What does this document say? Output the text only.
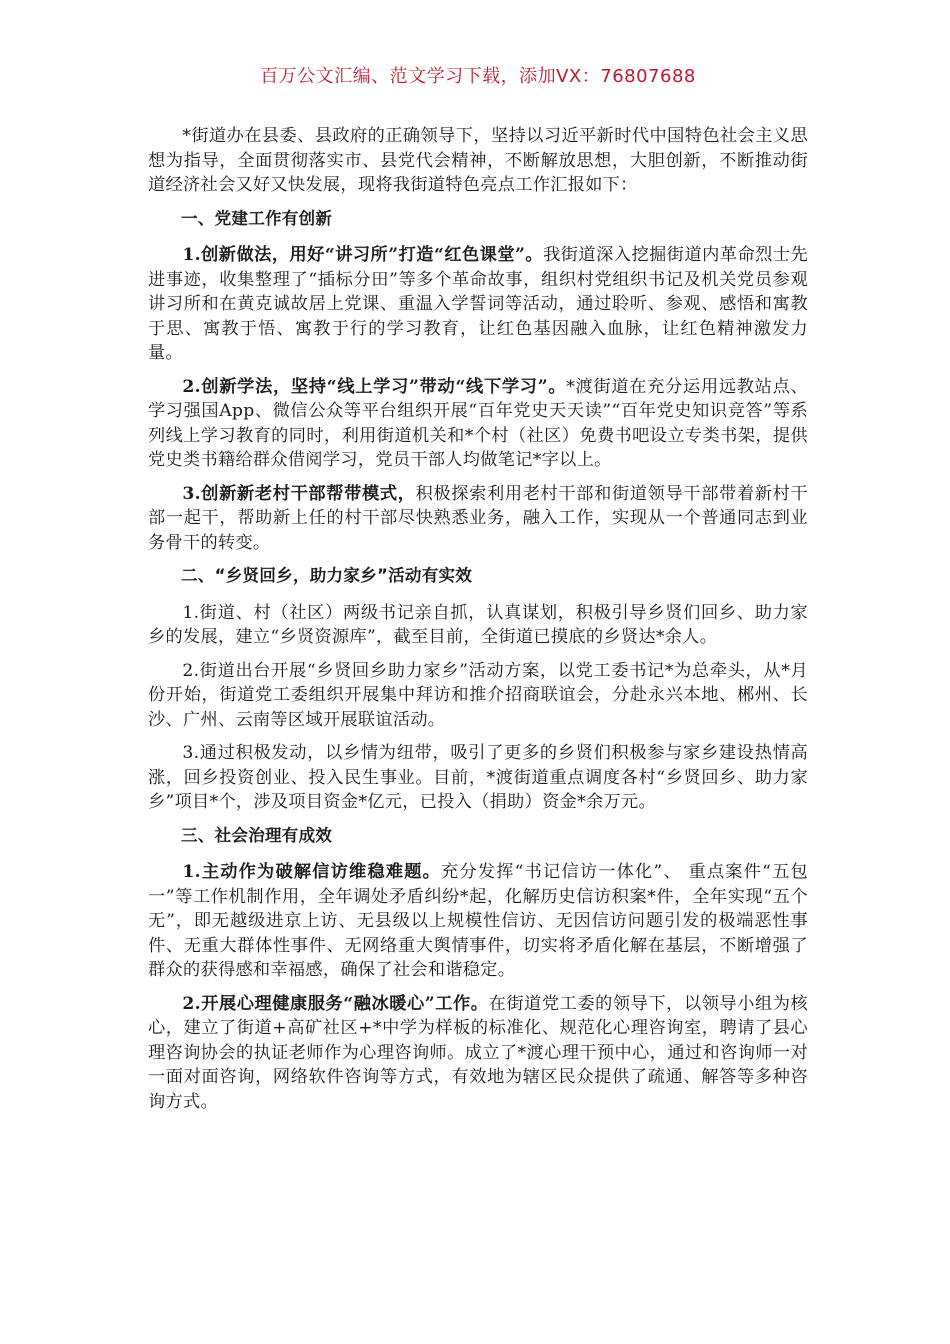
百万公文汇编、范文学习下载，添加VX：76807688

*街道办在县委、县政府的正确领导下，坚持以习近平新时代中国特色社会主义思想为指导，全面贯彻落实市、县党代会精神，不断解放思想，大胆创新，不断推动街道经济社会又好又快发展，现将我街道特色亮点工作汇报如下：

一、党建工作有创新

1.创新做法，用好“讲习所”打造“红色课堂”。我街道深入挖掘街道内革命烈士先进事迹，收集整理了“插标分田”等多个革命故事，组织村党组织书记及机关党员参观讲习所和在黄克诚故居上党课、重温入学誓词等活动，通过聆听、参观、感悟和寓教于思、寓教于悟、寓教于行的学习教育，让红色基因融入血脉，让红色精神激发力量。

2.创新学法，坚持“线上学习”带动“线下学习”。*渡街道在充分运用远教站点、学习强国App、微信公众等平台组织开展“百年党史天天读”“百年党史知识竞答”等系列线上学习教育的同时，利用街道机关和*个村（社区）免费书吧设立专类书架，提供党史类书籍给群众借阅学习，党员干部人均做笔记*字以上。

3.创新新老村干部帮带模式，积极探索利用老村干部和街道领导干部带着新村干部一起干，帮助新上任的村干部尽快熟悉业务，融入工作，实现从一个普通同志到业务骨干的转变。

二、“乡贤回乡，助力家乡”活动有实效

1.街道、村（社区）两级书记亲自抓，认真谋划，积极引导乡贤们回乡、助力家乡的发展，建立“乡贤资源库”，截至目前，全街道已摸底的乡贤达*余人。

2.街道出台开展“乡贤回乡助力家乡”活动方案，以党工委书记*为总牵头，从*月份开始，街道党工委组织开展集中拜访和推介招商联谊会，分赴永兴本地、郴州、长沙、广州、云南等区域开展联谊活动。

3.通过积极发动，以乡情为纽带，吸引了更多的乡贤们积极参与家乡建设热情高涨，回乡投资创业、投入民生事业。目前，*渡街道重点调度各村“乡贤回乡、助力家乡”项目*个，涉及项目资金*亿元，已投入（捐助）资金*余万元。

三、社会治理有成效

1.主动作为破解信访维稳难题。充分发挥“书记信访一体化”、 重点案件“五包一”等工作机制作用，全年调处矛盾纠纷*起，化解历史信访积案*件，全年实现“五个无”，即无越级进京上访、无县级以上规模性信访、无因信访问题引发的极端恶性事件、无重大群体性事件、无网络重大舆情事件，切实将矛盾化解在基层，不断增强了群众的获得感和幸福感，确保了社会和谐稳定。

2.开展心理健康服务“融冰暖心”工作。在街道党工委的领导下，以领导小组为核心，建立了街道+高矿社区+*中学为样板的标准化、规范化心理咨询室，聘请了县心理咨询协会的执证老师作为心理咨询师。成立了*渡心理干预中心，通过和咨询师一对一面对面咨询，网络软件咨询等方式，有效地为辖区民众提供了疏通、解答等多种咨询方式。
